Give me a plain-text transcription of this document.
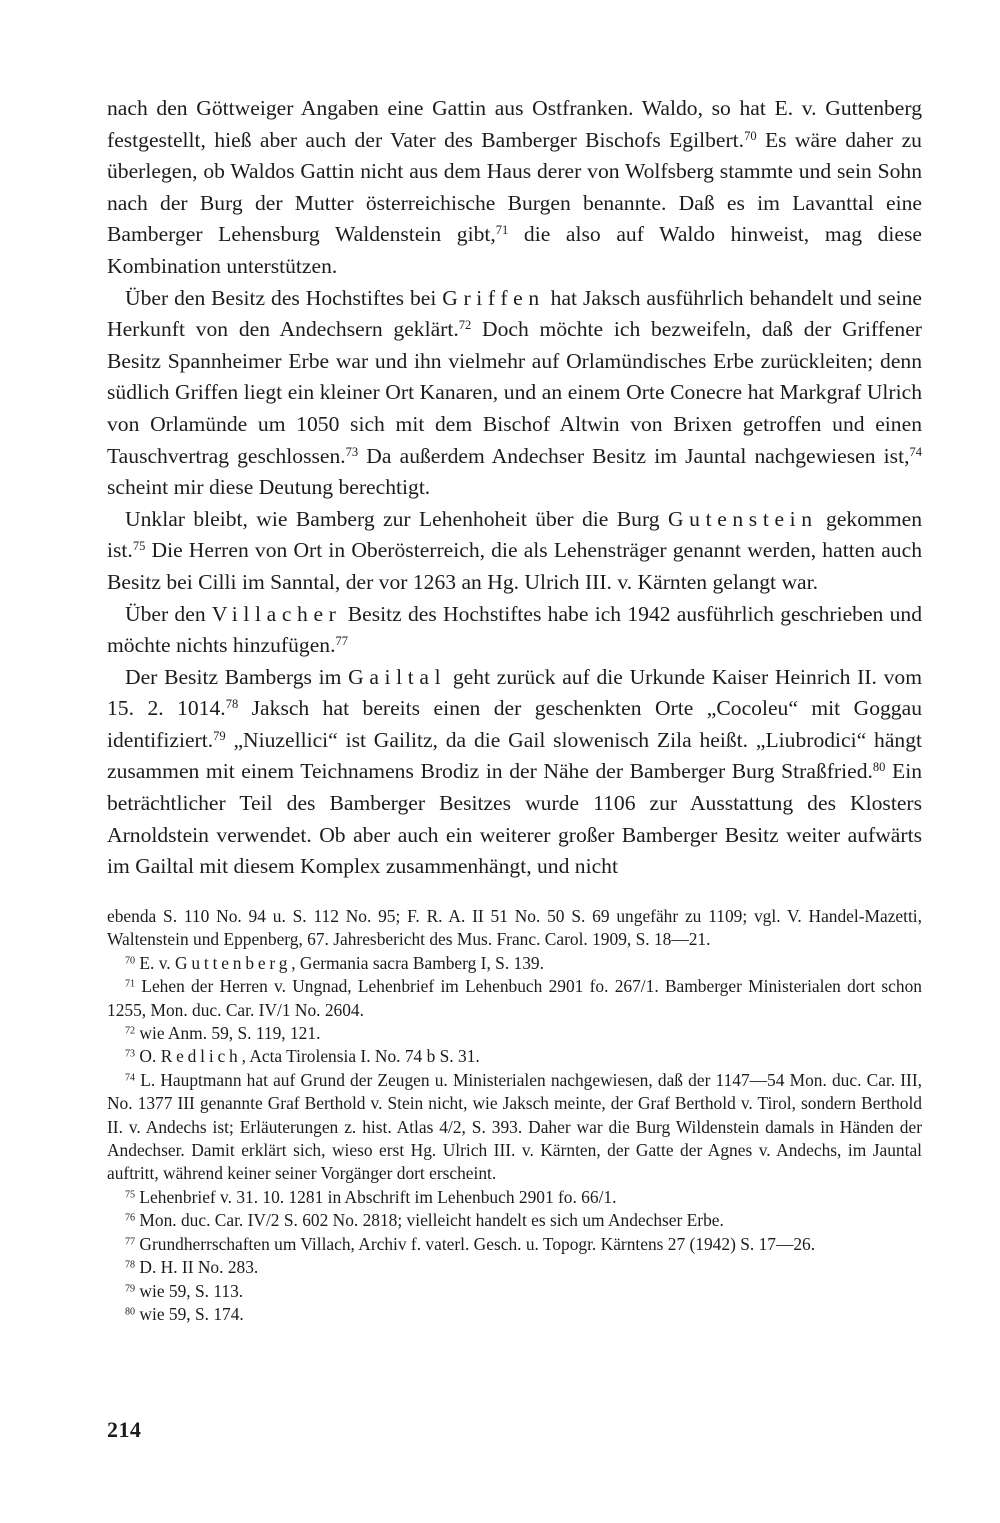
nach den Göttweiger Angaben eine Gattin aus Ostfranken. Waldo, so hat E. v. Guttenberg festgestellt, hieß aber auch der Vater des Bamberger Bischofs Egilbert.$^{70}$ Es wäre daher zu überlegen, ob Waldos Gattin nicht aus dem Haus derer von Wolfsberg stammte und sein Sohn nach der Burg der Mutter österreichische Burgen benannte. Daß es im Lavanttal eine Bamberger Lehensburg Waldenstein gibt,$^{71}$ die also auf Waldo hinweist, mag diese Kombination unterstützen.

Über den Besitz des Hochstiftes bei Griffen hat Jaksch ausführlich behandelt und seine Herkunft von den Andechsern geklärt.$^{72}$ Doch möchte ich bezweifeln, daß der Griffener Besitz Spannheimer Erbe war und ihn vielmehr auf Orlamündisches Erbe zurückleiten; denn südlich Griffen liegt ein kleiner Ort Kanaren, und an einem Orte Conecre hat Markgraf Ulrich von Orlamünde um 1050 sich mit dem Bischof Altwin von Brixen getroffen und einen Tauschvertrag geschlossen.$^{73}$ Da außerdem Andechser Besitz im Jauntal nachgewiesen ist,$^{74}$ scheint mir diese Deutung berechtigt.

Unklar bleibt, wie Bamberg zur Lehenhoheit über die Burg Gutenstein gekommen ist.$^{75}$ Die Herren von Ort in Oberösterreich, die als Lehensträger genannt werden, hatten auch Besitz bei Cilli im Sanntal, der vor 1263 an Hg. Ulrich III. v. Kärnten gelangt war.

Über den Villacher Besitz des Hochstiftes habe ich 1942 ausführlich geschrieben und möchte nichts hinzufügen.$^{77}$

Der Besitz Bambergs im Gailtal geht zurück auf die Urkunde Kaiser Heinrich II. vom 15. 2. 1014.78 Jaksch hat bereits einen der geschenkten Orte „Cocoleu“ mit Goggau identifiziert.$^{79}$ „Niuzellici“ ist Gailitz, da die Gail slowenisch Zila heißt. „Liubrodici“ hängt zusammen mit einem Teichnamens Brodiz in der Nähe der Bamberger Burg Straßfried.$^{80}$ Ein beträchtlicher Teil des Bamberger Besitzes wurde 1106 zur Ausstattung des Klosters Arnoldstein verwendet. Ob aber auch ein weiterer großer Bamberger Besitz weiter aufwärts im Gailtal mit diesem Komplex zusammenhängt, und nicht

ebenda S. 110 No. 94 u. S. 112 No. 95; F. R. A. II 51 No. 50 S. 69 ungefähr zu 1109; vgl. V. Handel-Mazetti, Waltenstein und Eppenberg, 67. Jahresbericht des Mus. Franc. Carol. 1909, S. 18—21.

$^{70}$ E. v. Guttenberg, Germania sacra Bamberg I, S. 139.

$^{71}$ Lehen der Herren v. Ungnad, Lehenbrief im Lehenbuch 2901 fo. 267/1. Bamberger Ministerialen dort schon 1255, Mon. duc. Car. IV/1 No. 2604.

$^{72}$ wie Anm. 59, S. 119, 121.

$^{73}$ O. Redlich, Acta Tirolensia I. No. 74 b S. 31.

$^{74}$ L. Hauptmann hat auf Grund der Zeugen u. Ministerialen nachgewiesen, daß der 1147—54 Mon. duc. Car. III, No. 1377 III genannte Graf Berthold v. Stein nicht, wie Jaksch meinte, der Graf Berthold v. Tirol, sondern Berthold II. v. Andechs ist; Erläuterungen z. hist. Atlas 4/2, S. 393. Daher war die Burg Wildenstein damals in Händen der Andechser. Damit erklärt sich, wieso erst Hg. Ulrich III. v. Kärnten, der Gatte der Agnes v. Andechs, im Jauntal auftritt, während keiner seiner Vorgänger dort erscheint.

$^{75}$ Lehenbrief v. 31. 10. 1281 in Abschrift im Lehenbuch 2901 fo. 66/1.

$^{76}$ Mon. duc. Car. IV/2 S. 602 No. 2818; vielleicht handelt es sich um Andechser Erbe.

$^{77}$ Grundherrschaften um Villach, Archiv f. vaterl. Gesch. u. Topogr. Kärntens 27 (1942) S. 17—26.

$^{78}$ D. H. II No. 283.

$^{79}$ wie 59, S. 113.

$^{80}$ wie 59, S. 174.

214
